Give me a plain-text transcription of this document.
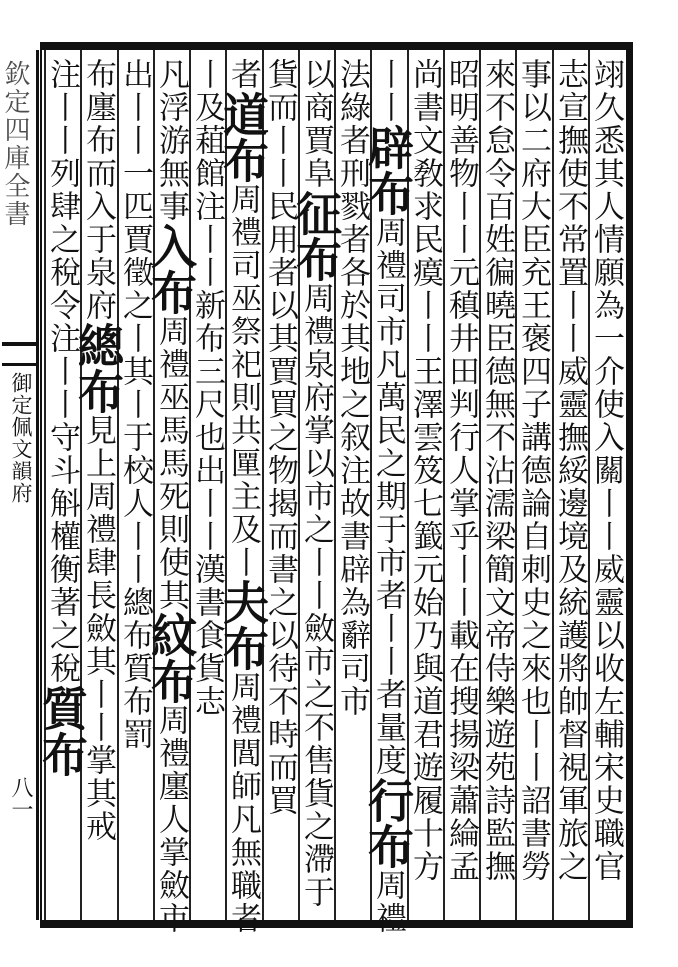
欽定四庫全書
御定佩文韻府
八一	翊久悉其人情願為一介使入關丨丨威靈以收左輔宋史職官
志宣撫使不常置丨丨威靈撫綏邊境及統護將帥督視軍旅之
事以二府大臣充王褒四子講德論自刺史之來也丨丨詔書勞
來不怠令百姓徧曉臣德無不沾濡梁簡文帝侍樂遊苑詩監撫
昭明善物丨丨元稹井田判行人掌乎丨丨載在搜揚梁蕭綸孟
尚書文敎求民瘼丨丨王澤雲笈七籖元始乃與道君遊履十方
丨丨辟布周禮司市凡萬民之期于市者丨丨者量度行布周禮
法綠者刑戮者各於其地之叙注故書辟為辭司市
以商賈阜征布周禮泉府掌以市之丨丨斂市之不售貨之滯于
貨而丨丨民用者以其賈買之物揭而書之以待不時而買
者道布周禮司巫祭祀則共匰主及丨夫布周禮閭師凡無職者
丨及蒩館注丨丨新布三尺也出丨丨漢書食貨志
凡浮游無事入布周禮巫馬馬死則使其紋布周禮廛人掌斂市
出丨丨一匹賈徵之丨其丨于校人丨丨總布質布罰
布廛布而入于泉府總布見上周禮肆長斂其丨丨掌其戒
注丨丨列肆之稅令注丨丨守斗斛權衡著之稅質布
